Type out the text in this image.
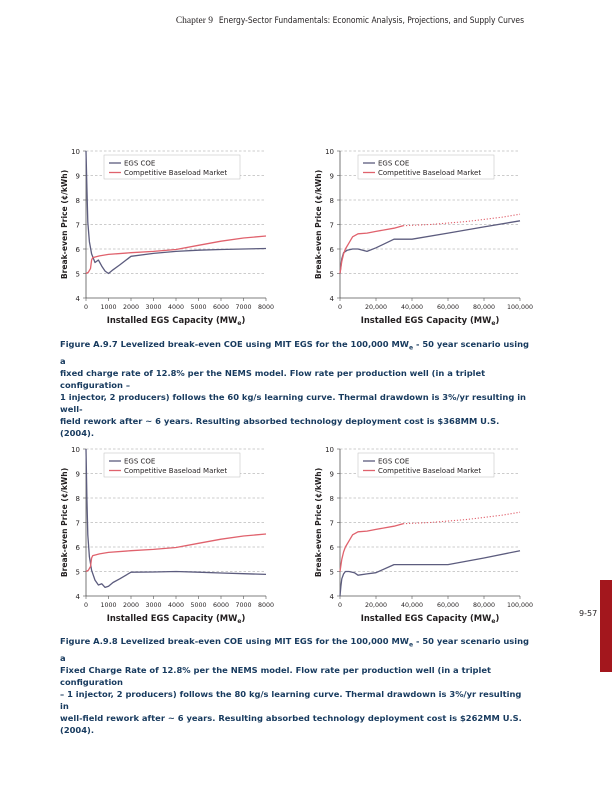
Chapter 9 Energy-Sector Fundamentals: Economic Analysis, Projections, and Supply Curves
4
5
6
7
8
9
10
0 1000 2000 3000 4000 5000 6000 7000 8000
Break-even Price (¢/kWh)
Installed EGS Capacity $(MW_e)$
EGS COE
Competitive Baseload Market
4
5
6
7
8
9
10
0	20,000 40,000 60,000 80,000 100,000
Break-even Price (¢/kWh)
Installed EGS Capacity $(MW_e)$
EGS COE
Competitive Baseload Market
Figure A.9.7 Levelized break-even COE using MIT EGS for the 100,000 $MW_e - 50$ year scenario using a
fixed charge rate of 12.8% per the NEMS model. Flow rate per production well (in a triplet configuration –
1 injector, 2 producers) follows the 60 kg/s learning curve. Thermal drawdown is 3%/yr resulting in well-
field rework after ~ 6 years. Resulting absorbed technology deployment cost is $368MM U.S. (2004).
4
5
6
7
8
9
10
0 1000 2000 3000 4000 5000 6000 7000 8000
Break-even Price (¢/kWh)
Installed EGS Capacity $(MW_e)$
EGS COE
Competitive Baseload Market
4
5
6
7
8
9
10
0	20,000 40,000 60,000 80,000 100,000
Break-even Price (¢/kWh)
Installed EGS Capacity $(MW_e)$
EGS COE
Competitive Baseload Market
Figure A.9.8 Levelized break-even COE using MIT EGS for the 100,000 $MW_e - 50$ year scenario using a
Fixed Charge Rate of 12.8% per the NEMS model. Flow rate per production well (in a triplet configuration
– 1 injector, 2 producers) follows the 80 kg/s learning curve. Thermal drawdown is 3%/yr resulting in
well-field rework after ~ 6 years. Resulting absorbed technology deployment cost is $262MM U.S. (2004).
9-57
